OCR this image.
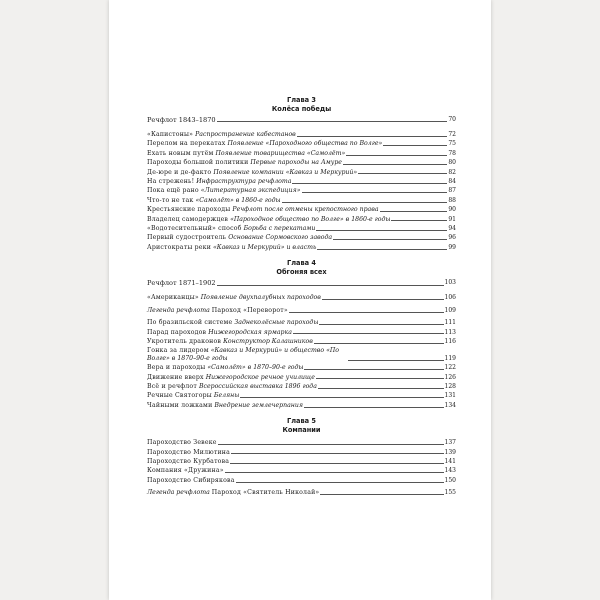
Глава 3
Колёса победы
Речфлот 1843–1870	70
«Капистоны» Распространение кабестанов	72
Перелом на перекатах Появление «Пароходного общества по Волге»	75
Ехать новым путём Появление товарищества «Самолёт»	78
Пароходы большой политики Первые пароходы на Амуре	80
Де-юре и де-факто Появление компании «Кавказ и Меркурий»	82
На стрежень! Инфраструктура речфлота	84
Пока ещё рано «Литературная экспедиция»	87
Что-то не так «Самолёт» в 1860-е годы	88
Крестьянские пароходы Речфлот после отмены крепостного права	90
Владелец самодержцев «Пароходное общество по Волге» в 1860-е годы	91
«Водотесительный» способ Борьба с перекатами	94
Первый судостроитель Основание Сормовского завода	96
Аристократы реки «Кавказ и Меркурий» и власть	99
Глава 4
Обгоняя всех
Речфлот 1871–1902	103
«Американцы» Появление двухпалубных пароходов	106
Легенда речфлота Пароход «Переворот»	109
По бразильской системе Заднеколёсные пароходы	111
Парад пароходов Нижегородская ярмарка	113
Укротитель драконов Конструктор Калашников	116
Гонка за лидером «Кавказ и Меркурий» и общество «По Волге» в 1870–90-е годы	119
Вера и пароходы «Самолёт» в 1870–90-е годы	122
Движение вверх Нижегородское речное училище	126
Всё и речфлот Всероссийская выставка 1896 года	128
Речные Святогоры Беляны	131
Чайными ложками Внедрение землечерпания	134
Глава 5
Компании
Пароходство Зевеке	137
Пароходство Милютина	139
Пароходство Курбатова	141
Компания «Дружина»	143
Пароходство Сибирякова	150
Легенда речфлота Пароход «Святитель Николай»	155
